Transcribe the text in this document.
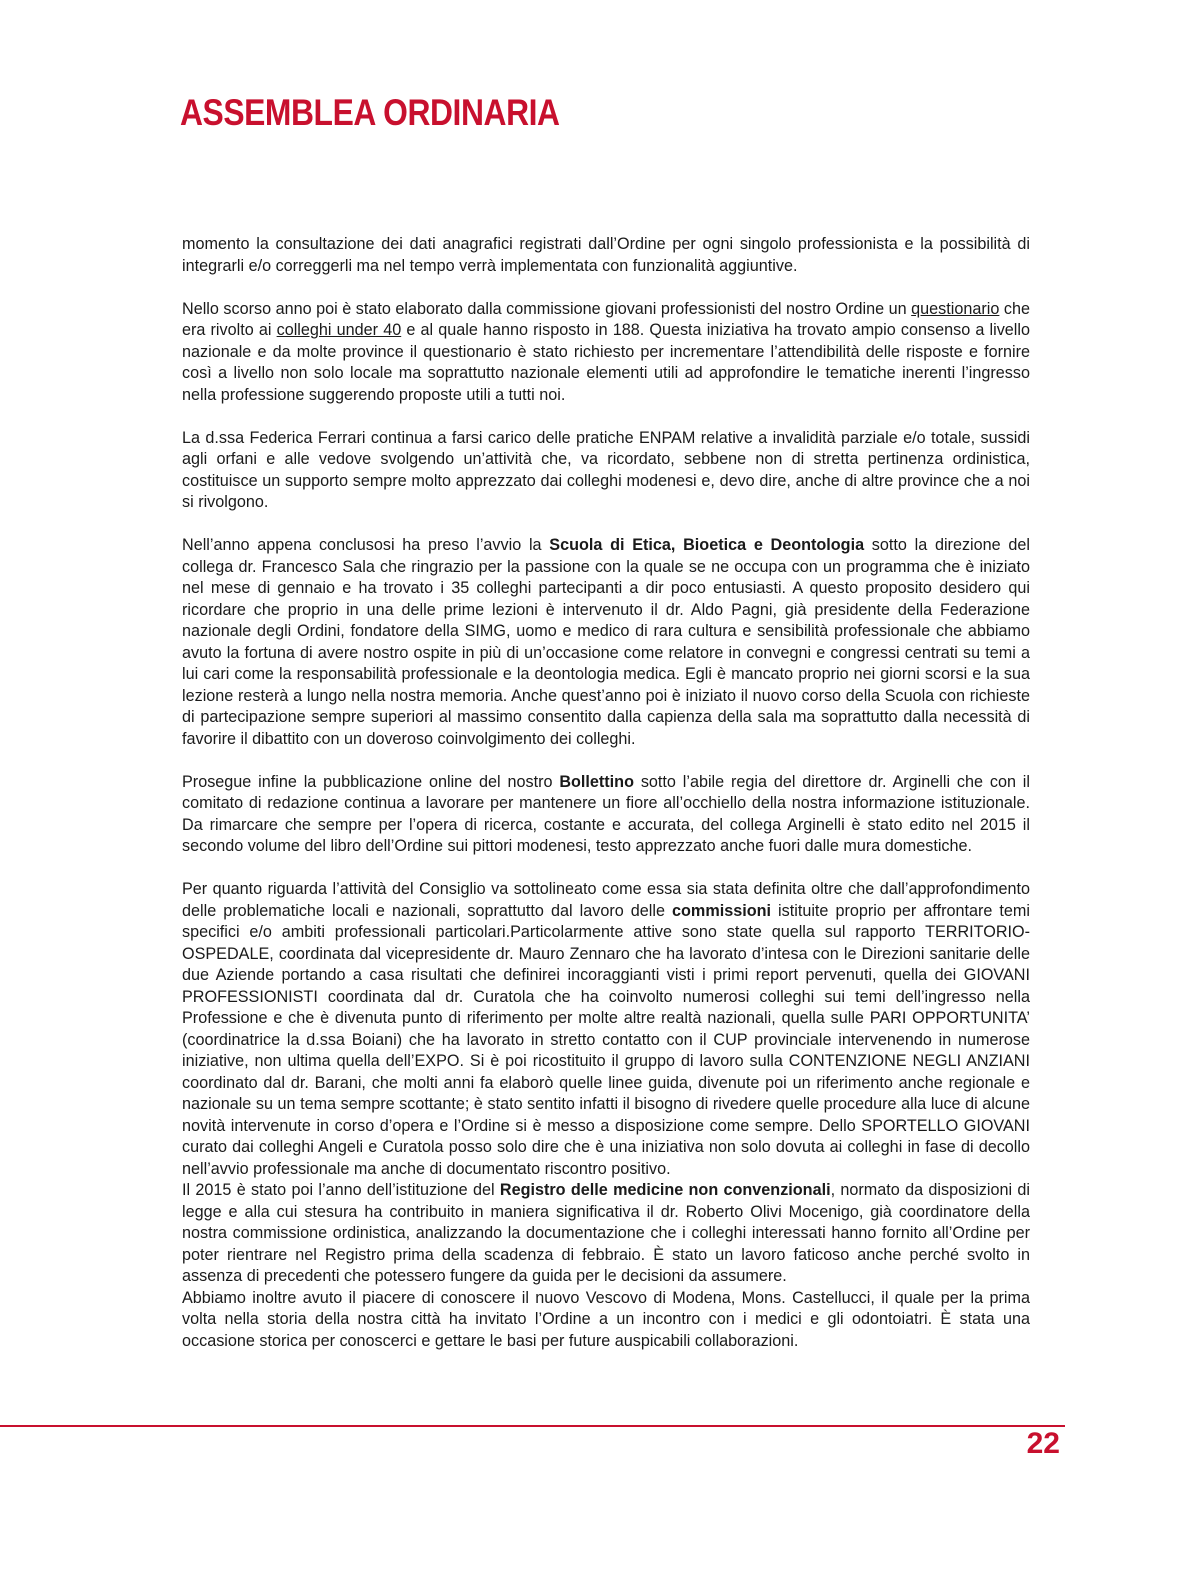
ASSEMBLEA ORDINARIA

momento la consultazione dei dati anagrafici registrati dall’Ordine per ogni singolo professionista e la possibilità di integrarli e/o correggerli ma nel tempo verrà implementata con funzionalità aggiuntive.

Nello scorso anno poi è stato elaborato dalla commissione giovani professionisti del nostro Ordine un questionario che era rivolto ai colleghi under 40 e al quale hanno risposto in 188. Questa iniziativa ha trovato ampio consenso a livello nazionale e da molte province il questionario è stato richiesto per incrementare l’attendibilità delle risposte e fornire così a livello non solo locale ma soprattutto nazionale elementi utili ad approfondire le tematiche inerenti l’ingresso nella professione suggerendo proposte utili a tutti noi.

La d.ssa Federica Ferrari continua a farsi carico delle pratiche ENPAM relative a invalidità parziale e/o totale, sussidi agli orfani e alle vedove svolgendo un’attività che, va ricordato, sebbene non di stretta pertinenza ordinistica, costituisce un supporto sempre molto apprezzato dai colleghi modenesi e, devo dire, anche di altre province che a noi si rivolgono.

Nell’anno appena conclusosi ha preso l’avvio la Scuola di Etica, Bioetica e Deontologia sotto la direzione del collega dr. Francesco Sala che ringrazio per la passione con la quale se ne occupa con un programma che è iniziato nel mese di gennaio e ha trovato i 35 colleghi partecipanti a dir poco entusiasti. A questo proposito desidero qui ricordare che proprio in una delle prime lezioni è intervenuto il dr. Aldo Pagni, già presidente della Federazione nazionale degli Ordini, fondatore della SIMG, uomo e medico di rara cultura e sensibilità professionale che abbiamo avuto la fortuna di avere nostro ospite in più di un’occasione come relatore in convegni e congressi centrati su temi a lui cari come la responsabilità professionale e la deontologia medica. Egli è mancato proprio nei giorni scorsi e la sua lezione resterà a lungo nella nostra memoria. Anche quest’anno poi è iniziato il nuovo corso della Scuola con richieste di partecipazione sempre superiori al massimo consentito dalla capienza della sala ma soprattutto dalla necessità di favorire il dibattito con un doveroso coinvolgimento dei colleghi.

Prosegue infine la pubblicazione online del nostro Bollettino sotto l’abile regia del direttore dr. Arginelli che con il comitato di redazione continua a lavorare per mantenere un fiore all’occhiello della nostra informazione istituzionale. Da rimarcare che sempre per l’opera di ricerca, costante e accurata, del collega Arginelli è stato edito nel 2015 il secondo volume del libro dell’Ordine sui pittori modenesi, testo apprezzato anche fuori dalle mura domestiche.

Per quanto riguarda l’attività del Consiglio va sottolineato come essa sia stata definita oltre che dall’approfondimento delle problematiche locali e nazionali, soprattutto dal lavoro delle commissioni istituite proprio per affrontare temi specifici e/o ambiti professionali particolari.Particolarmente attive sono state quella sul rapporto TERRITORIO-OSPEDALE, coordinata dal vicepresidente dr. Mauro Zennaro che ha lavorato d’intesa con le Direzioni sanitarie delle due Aziende portando a casa risultati che definirei incoraggianti visti i primi report pervenuti, quella dei GIOVANI PROFESSIONISTI coordinata dal dr. Curatola che ha coinvolto numerosi colleghi sui temi dell’ingresso nella Professione e che è divenuta punto di riferimento per molte altre realtà nazionali, quella sulle PARI OPPORTUNITA’ (coordinatrice la d.ssa Boiani) che ha lavorato in stretto contatto con il CUP provinciale intervenendo in numerose iniziative, non ultima quella dell’EXPO. Si è poi ricostituito il gruppo di lavoro sulla CONTENZIONE NEGLI ANZIANI coordinato dal dr. Barani, che molti anni fa elaborò quelle linee guida, divenute poi un riferimento anche regionale e nazionale su un tema sempre scottante; è stato sentito infatti il bisogno di rivedere quelle procedure alla luce di alcune novità intervenute in corso d’opera e l’Ordine si è messo a disposizione come sempre. Dello SPORTELLO GIOVANI curato dai colleghi Angeli e Curatola posso solo dire che è una iniziativa non solo dovuta ai colleghi in fase di decollo nell’avvio professionale ma anche di documentato riscontro positivo.

Il 2015 è stato poi l’anno dell’istituzione del Registro delle medicine non convenzionali, normato da disposizioni di legge e alla cui stesura ha contribuito in maniera significativa il dr. Roberto Olivi Mocenigo, già coordinatore della nostra commissione ordinistica, analizzando la documentazione che i colleghi interessati hanno fornito all’Ordine per poter rientrare nel Registro prima della scadenza di febbraio. È stato un lavoro faticoso anche perché svolto in assenza di precedenti che potessero fungere da guida per le decisioni da assumere.

Abbiamo inoltre avuto il piacere di conoscere il nuovo Vescovo di Modena, Mons. Castellucci, il quale per la prima volta nella storia della nostra città ha invitato l’Ordine a un incontro con i medici e gli odontoiatri. È stata una occasione storica per conoscerci e gettare le basi per future auspicabili collaborazioni.

22
